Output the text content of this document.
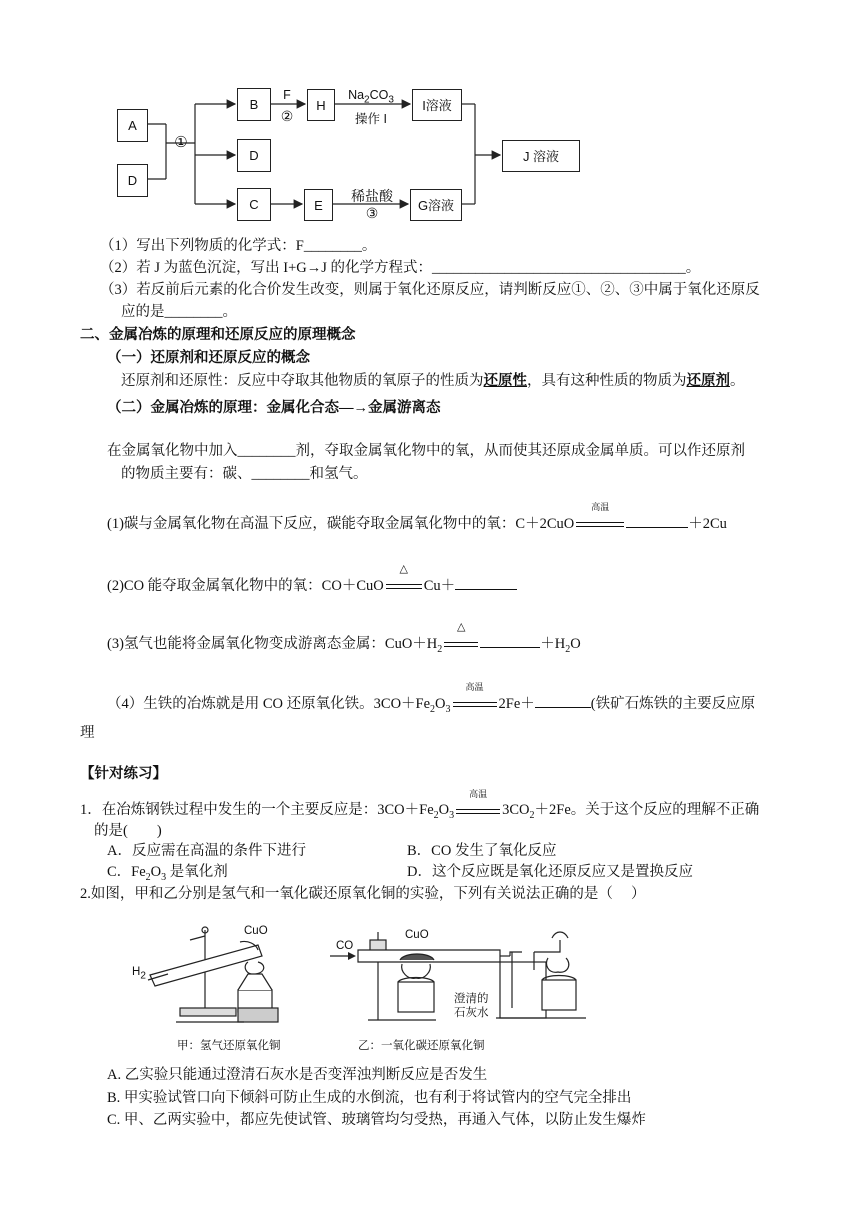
A
D
①
B
D
C
F
②
H
$Na_2CO_3$
操作 I
I溶液
E
稀盐酸
③	G溶液
J 溶液
（1）写出下列物质的化学式：F________。
（2）若 J 为蓝色沉淀，写出 I+G→J 的化学方程式：___________________________________。
（3）若反前后元素的化合价发生改变，则属于氧化还原反应，请判断反应①、②、③中属于氧化还原反
应的是________。
二、金属冶炼的原理和还原反应的原理概念
（一）还原剂和还原反应的概念
还原剂和还原性：反应中夺取其他物质的氧原子的性质为还原性，具有这种性质的物质为还原剂。
（二）金属冶炼的原理：金属化合态—→金属游离态
在金属氧化物中加入________剂，夺取金属氧化物中的氧，从而使其还原成金属单质。可以作还原剂
的物质主要有：碳、________和氢气。
(1)碳与金属氧化物在高温下反应，碳能夺取金属氧化物中的氧：C＋2CuO
高温
＋2Cu
(2)CO 能夺取金属氧化物中的氧：CO＋CuO
△
Cu＋
(3)氢气也能将金属氧化物变成游离态金属：$CuO+H_2$
△
$+H_2O$
（4）生铁的冶炼就是用 CO 还原氧化铁。$3CO+Fe_2O_3$
高温
2Fe＋	(铁矿石炼铁的主要反应原
理
【针对练习】
1．在冶炼钢铁过程中发生的一个主要反应是：$3CO+Fe_2O_3$
高温
$3CO_2+2Fe$。关于这个反应的理解不正确
的是(　　)
A．反应需在高温的条件下进行	B．CO 发生了氧化反应
C．$Fe_2O_3$ 是氧化剂	D．这个反应既是氧化还原反应又是置换反应
2.如图，甲和乙分别是氢气和一氧化碳还原氧化铜的实验，下列有关说法正确的是（　 ）
$H_2$
CuO
CO
CuO
澄清的
石灰水
甲：氢气还原氧化铜	乙：一氧化碳还原氧化铜
A. 乙实验只能通过澄清石灰水是否变浑浊判断反应是否发生
B. 甲实验试管口向下倾斜可防止生成的水倒流，也有利于将试管内的空气完全排出
C. 甲、乙两实验中，都应先使试管、玻璃管均匀受热，再通入气体，以防止发生爆炸
